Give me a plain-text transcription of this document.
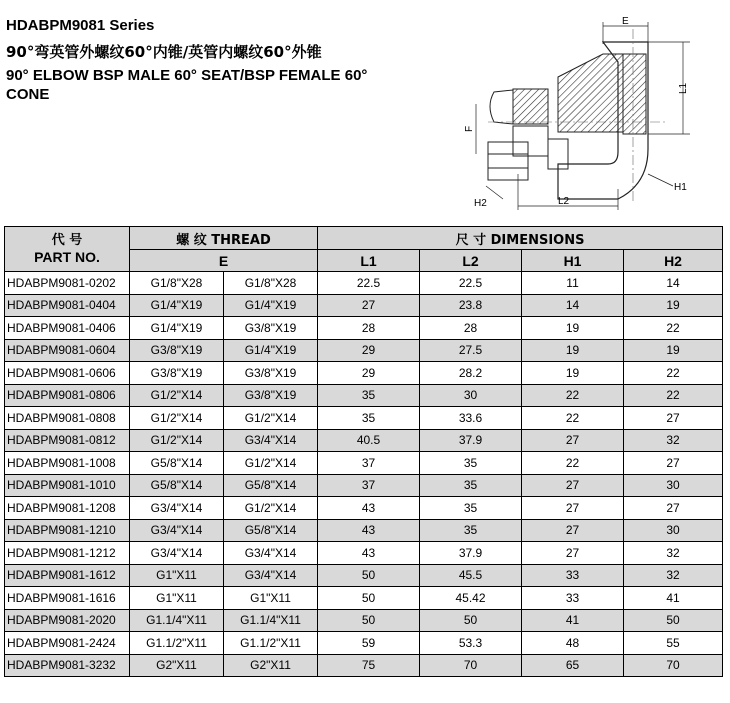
HDABPM9081 Series
90°弯英管外螺纹60°内锥/英管内螺纹60°外锥
90° ELBOW BSP MALE 60° SEAT/BSP FEMALE 60°
CONE
E
L1
L2
H1
H2
F
代 号
PART NO.	螺 纹 THREAD		尺 寸 DIMENSIONS			
	E		L1	L2	H1	H2
HDABPM9081-0202	G1/8"X28	G1/8"X28	22.5	22.5	11	14
HDABPM9081-0404	G1/4"X19	G1/4"X19	27	23.8	14	19
HDABPM9081-0406	G1/4"X19	G3/8"X19	28	28	19	22
HDABPM9081-0604	G3/8"X19	G1/4"X19	29	27.5	19	19
HDABPM9081-0606	G3/8"X19	G3/8"X19	29	28.2	19	22
HDABPM9081-0806	G1/2"X14	G3/8"X19	35	30	22	22
HDABPM9081-0808	G1/2"X14	G1/2"X14	35	33.6	22	27
HDABPM9081-0812	G1/2"X14	G3/4"X14	40.5	37.9	27	32
HDABPM9081-1008	G5/8"X14	G1/2"X14	37	35	22	27
HDABPM9081-1010	G5/8"X14	G5/8"X14	37	35	27	30
HDABPM9081-1208	G3/4"X14	G1/2"X14	43	35	27	27
HDABPM9081-1210	G3/4"X14	G5/8"X14	43	35	27	30
HDABPM9081-1212	G3/4"X14	G3/4"X14	43	37.9	27	32
HDABPM9081-1612	G1"X11	G3/4"X14	50	45.5	33	32
HDABPM9081-1616	G1"X11	G1"X11	50	45.42	33	41
HDABPM9081-2020	G1.1/4"X11	G1.1/4"X11	50	50	41	50
HDABPM9081-2424	G1.1/2"X11	G1.1/2"X11	59	53.3	48	55
HDABPM9081-3232	G2"X11	G2"X11	75	70	65	70
